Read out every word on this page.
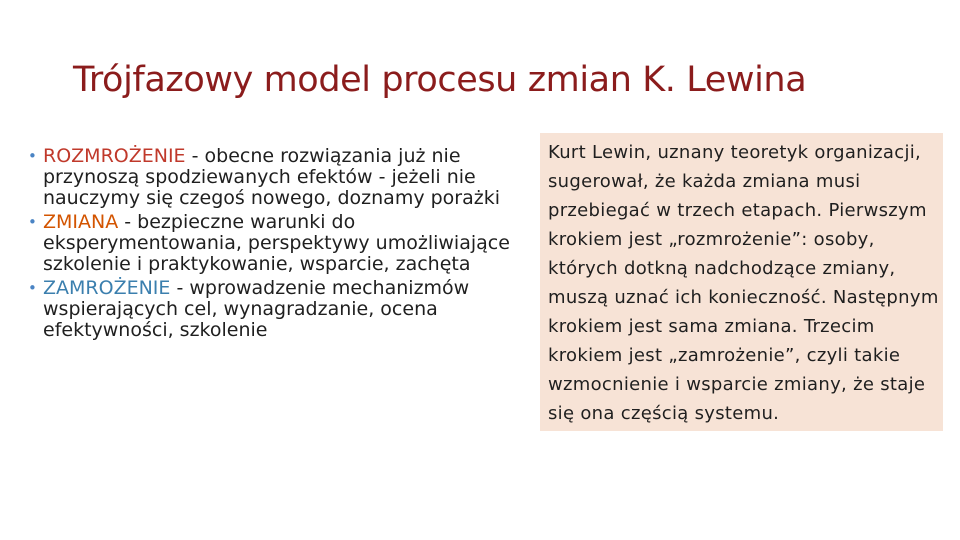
Trójfazowy model procesu zmian K. Lewina
• ROZMROŻENIE - obecne rozwiązania już nie przynoszą spodziewanych efektów - jeżeli nie nauczymy się czegoś nowego, doznamy porażki
• ZMIANA - bezpieczne warunki do eksperymentowania, perspektywy umożliwiające szkolenie i praktykowanie, wsparcie, zachęta
• ZAMROŻENIE - wprowadzenie mechanizmów wspierających cel, wynagradzanie, ocena efektywności, szkolenie

Kurt Lewin, uznany teoretyk organizacji, sugerował, że każda zmiana musi przebiegać w trzech etapach. Pierwszym krokiem jest „rozmrożenie”: osoby, których dotkną nadchodzące zmiany, muszą uznać ich konieczność. Następnym krokiem jest sama zmiana. Trzecim krokiem jest „zamrożenie”, czyli takie wzmocnienie i wsparcie zmiany, że staje się ona częścią systemu.
